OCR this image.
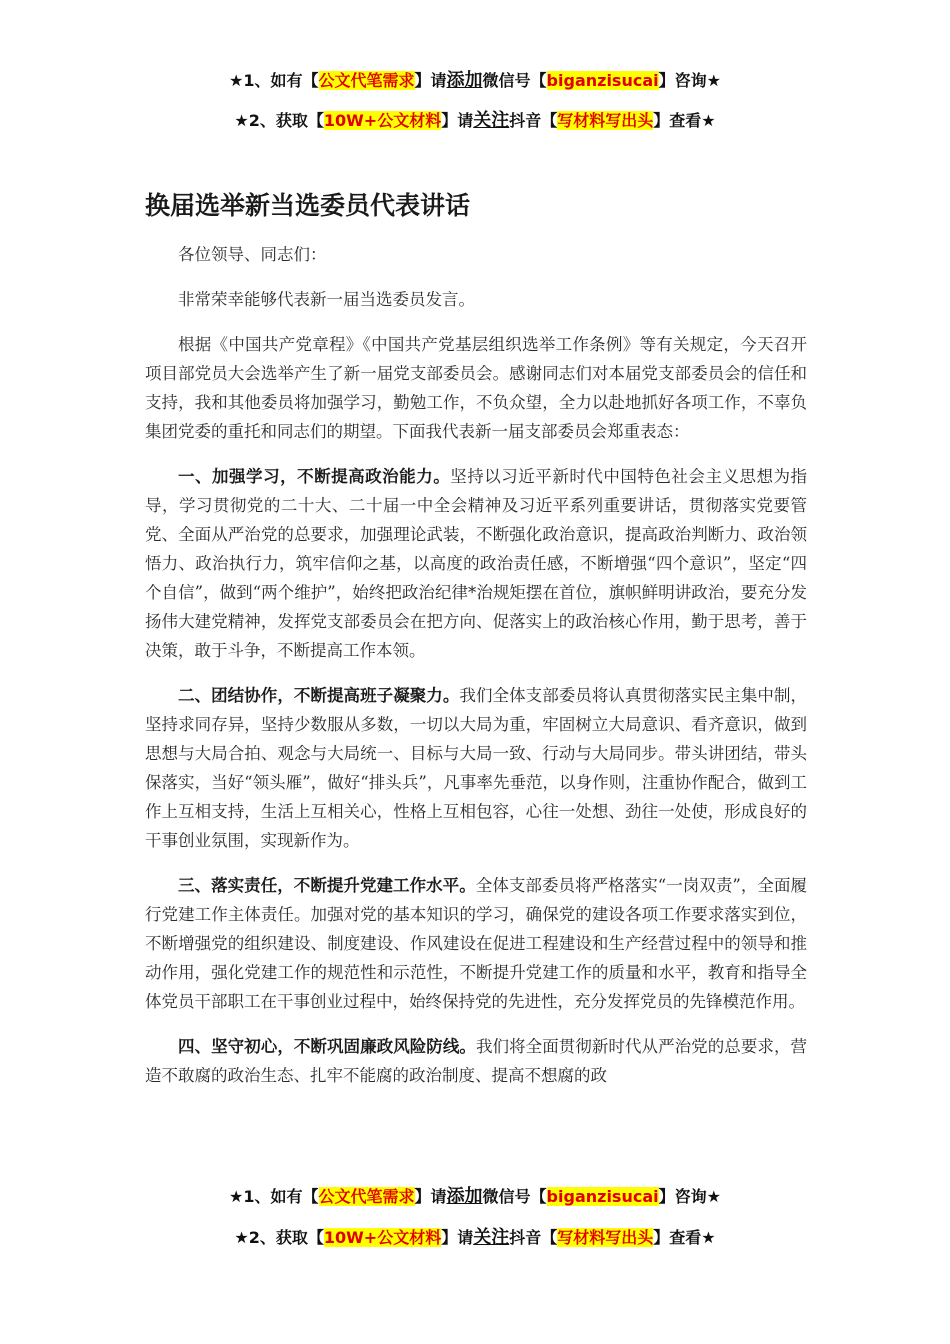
★1、如有【公文代笔需求】请添加微信号【biganzisucai】咨询★
★2、获取【10W+公文材料】请关注抖音【写材料写出头】查看★
换届选举新当选委员代表讲话

各位领导、同志们：

非常荣幸能够代表新一届当选委员发言。

根据《中国共产党章程》《中国共产党基层组织选举工作条例》等有关规定，今天召开项目部党员大会选举产生了新一届党支部委员会。感谢同志们对本届党支部委员会的信任和支持，我和其他委员将加强学习，勤勉工作，不负众望，全力以赴地抓好各项工作，不辜负集团党委的重托和同志们的期望。下面我代表新一届支部委员会郑重表态：

一、加强学习，不断提高政治能力。坚持以习近平新时代中国特色社会主义思想为指导，学习贯彻党的二十大、二十届一中全会精神及习近平系列重要讲话，贯彻落实党要管党、全面从严治党的总要求，加强理论武装，不断强化政治意识，提高政治判断力、政治领悟力、政治执行力，筑牢信仰之基，以高度的政治责任感，不断增强“四个意识”，坚定“四个自信”，做到“两个维护”，始终把政治纪律*治规矩摆在首位，旗帜鲜明讲政治，要充分发扬伟大建党精神，发挥党支部委员会在把方向、促落实上的政治核心作用，勤于思考，善于决策，敢于斗争，不断提高工作本领。

二、团结协作，不断提高班子凝聚力。我们全体支部委员将认真贯彻落实民主集中制，坚持求同存异，坚持少数服从多数，一切以大局为重，牢固树立大局意识、看齐意识，做到思想与大局合拍、观念与大局统一、目标与大局一致、行动与大局同步。带头讲团结，带头保落实，当好“领头雁”，做好“排头兵”，凡事率先垂范，以身作则，注重协作配合，做到工作上互相支持，生活上互相关心，性格上互相包容，心往一处想、劲往一处使，形成良好的干事创业氛围，实现新作为。

三、落实责任，不断提升党建工作水平。全体支部委员将严格落实“一岗双责”，全面履行党建工作主体责任。加强对党的基本知识的学习，确保党的建设各项工作要求落实到位，不断增强党的组织建设、制度建设、作风建设在促进工程建设和生产经营过程中的领导和推动作用，强化党建工作的规范性和示范性，不断提升党建工作的质量和水平，教育和指导全体党员干部职工在干事创业过程中，始终保持党的先进性，充分发挥党员的先锋模范作用。

四、坚守初心，不断巩固廉政风险防线。我们将全面贯彻新时代从严治党的总要求，营造不敢腐的政治生态、扎牢不能腐的政治制度、提高不想腐的政

★1、如有【公文代笔需求】请添加微信号【biganzisucai】咨询★
★2、获取【10W+公文材料】请关注抖音【写材料写出头】查看★
